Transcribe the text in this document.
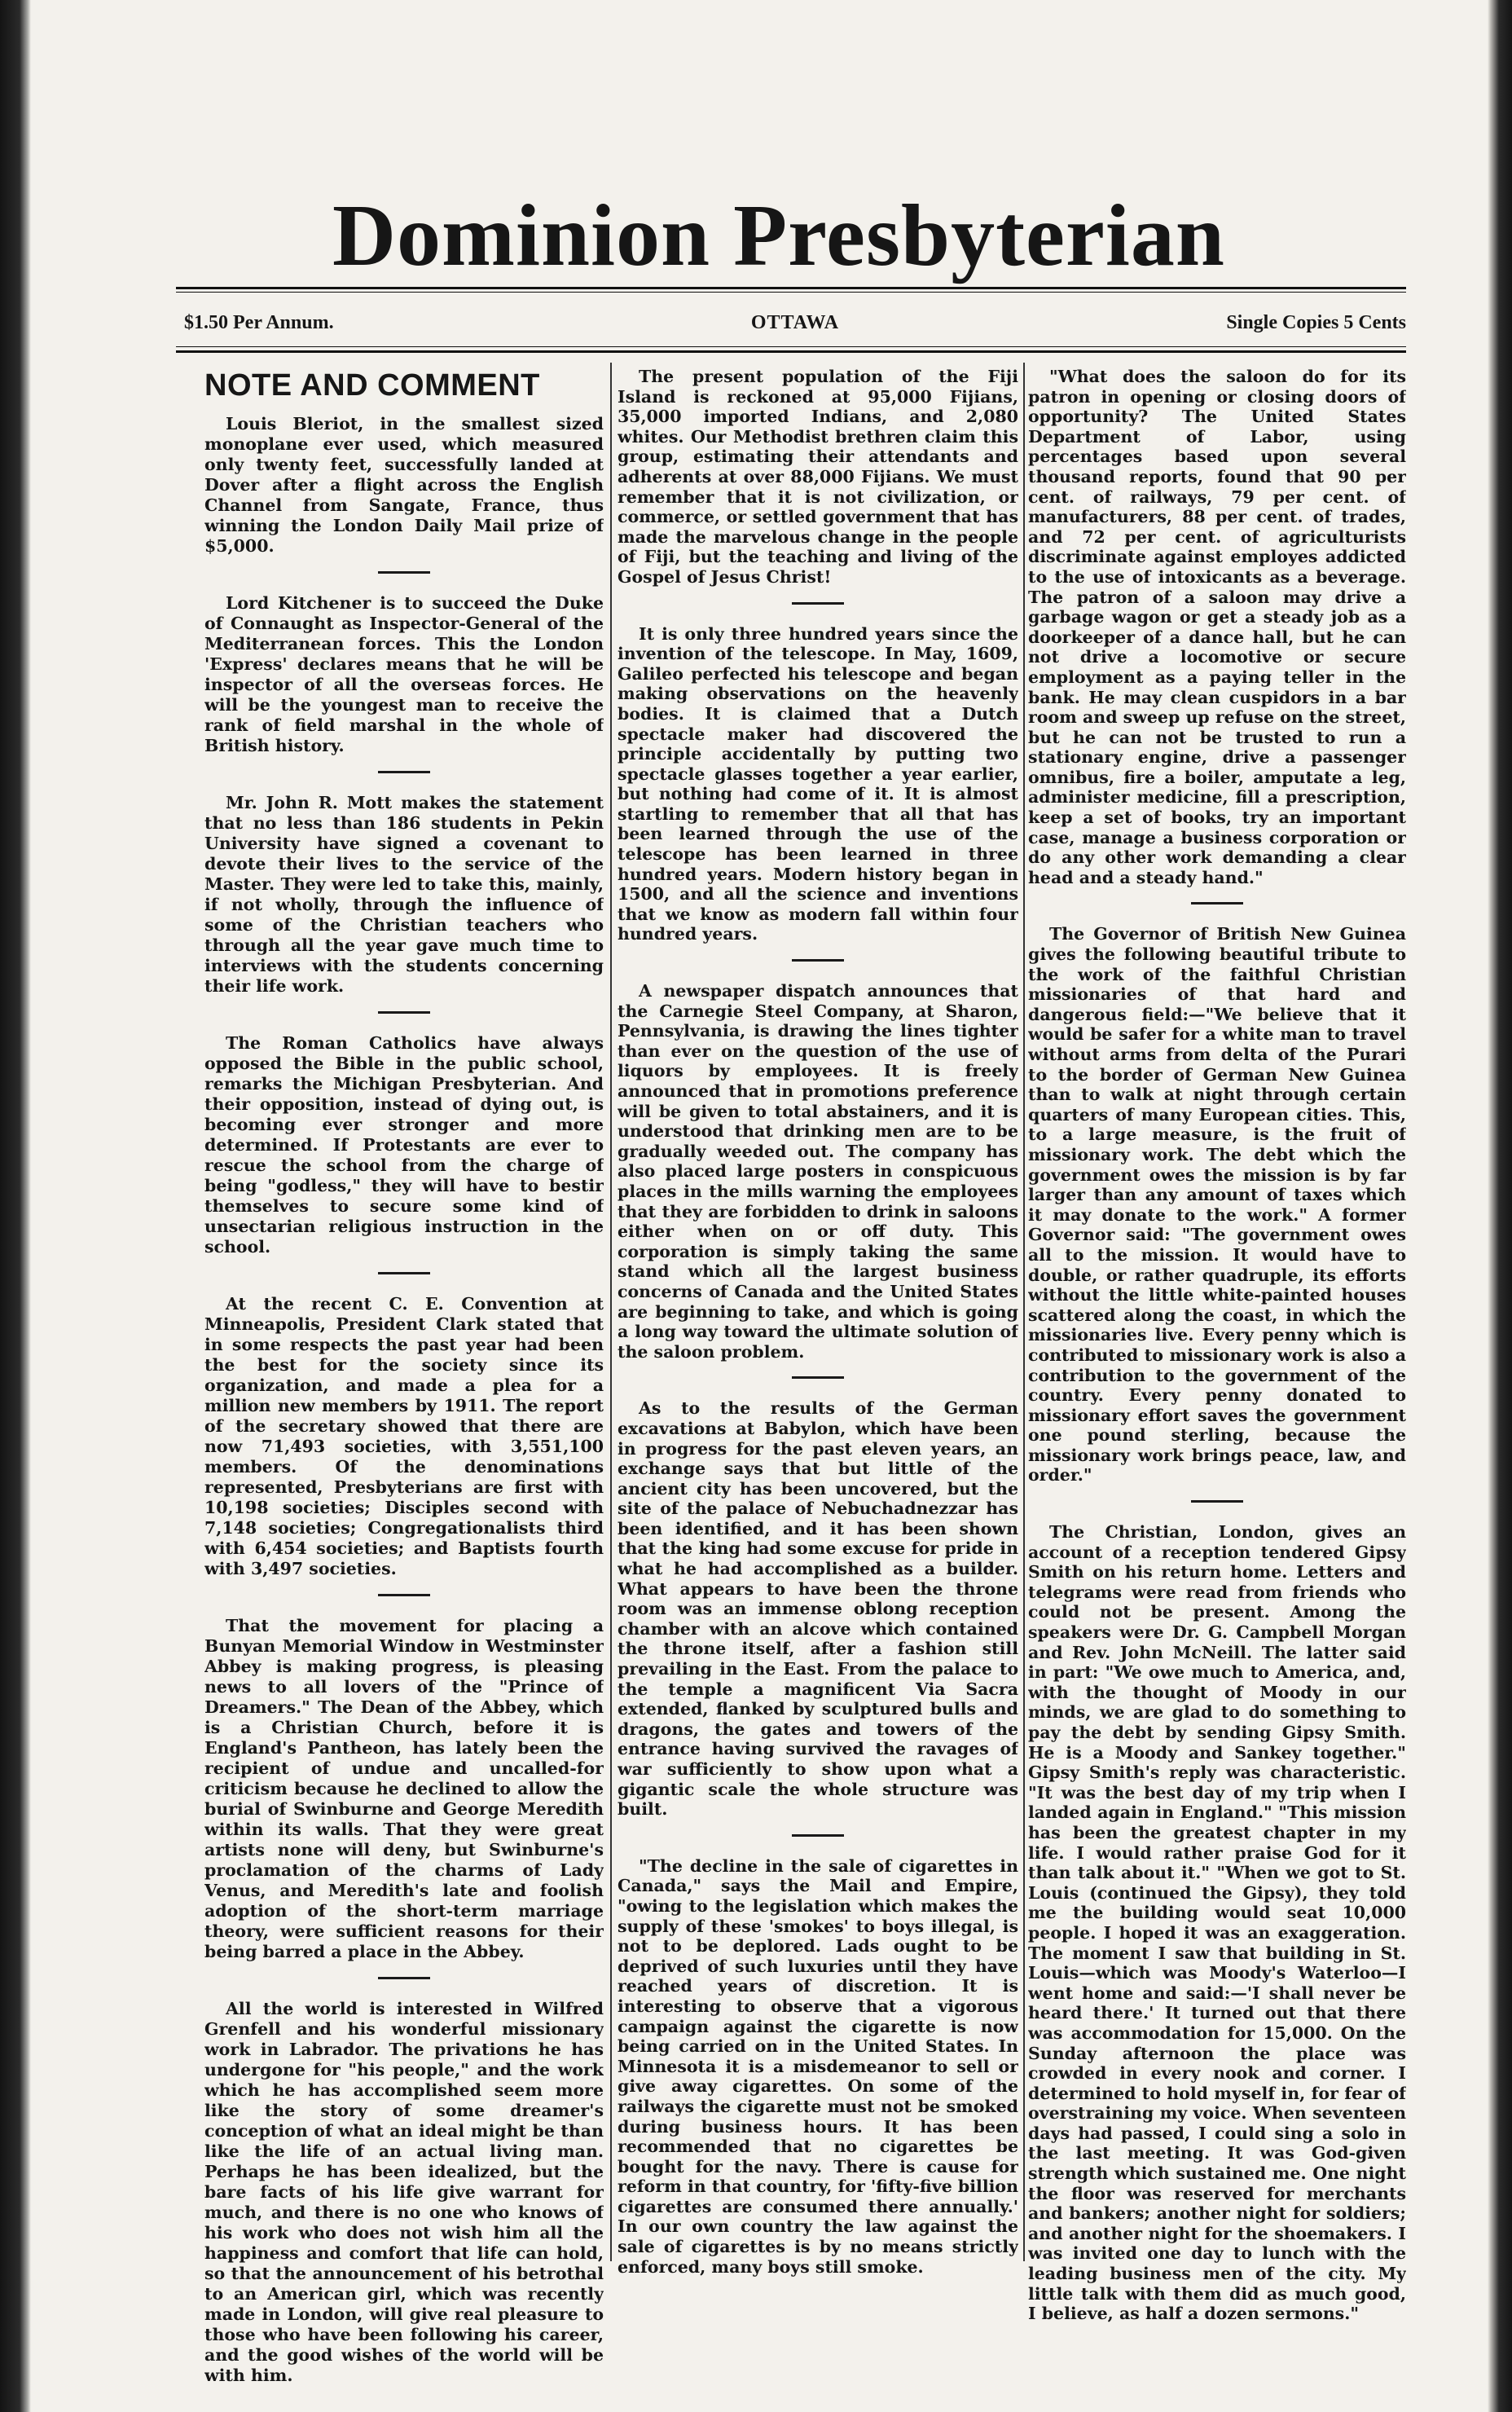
Dominion Presbyterian
$1.50 Per Annum.	OTTAWA	Single Copies 5 Cents
NOTE AND COMMENT

Louis Bleriot, in the smallest sized monoplane ever used, which measured only twenty feet, successfully landed at Dover after a flight across the English Channel from Sangate, France, thus winning the London Daily Mail prize of $5,000.

Lord Kitchener is to succeed the Duke of Connaught as Inspector-General of the Mediterranean forces. This the London 'Express' declares means that he will be inspector of all the overseas forces. He will be the youngest man to receive the rank of field marshal in the whole of British history.

Mr. John R. Mott makes the statement that no less than 186 students in Pekin University have signed a covenant to devote their lives to the service of the Master. They were led to take this, mainly, if not wholly, through the influence of some of the Christian teachers who through all the year gave much time to interviews with the students concerning their life work.

The Roman Catholics have always opposed the Bible in the public school, remarks the Michigan Presbyterian. And their opposition, instead of dying out, is becoming ever stronger and more determined. If Protestants are ever to rescue the school from the charge of being "godless," they will have to bestir themselves to secure some kind of unsectarian religious instruction in the school.

At the recent C. E. Convention at Minneapolis, President Clark stated that in some respects the past year had been the best for the society since its organization, and made a plea for a million new members by 1911. The report of the secretary showed that there are now 71,493 societies, with 3,551,100 members. Of the denominations represented, Presbyterians are first with 10,198 societies; Disciples second with 7,148 societies; Congregationalists third with 6,454 societies; and Baptists fourth with 3,497 societies.

That the movement for placing a Bunyan Memorial Window in Westminster Abbey is making progress, is pleasing news to all lovers of the "Prince of Dreamers." The Dean of the Abbey, which is a Christian Church, before it is England's Pantheon, has lately been the recipient of undue and uncalled-for criticism because he declined to allow the burial of Swinburne and George Meredith within its walls. That they were great artists none will deny, but Swinburne's proclamation of the charms of Lady Venus, and Meredith's late and foolish adoption of the short-term marriage theory, were sufficient reasons for their being barred a place in the Abbey.

All the world is interested in Wilfred Grenfell and his wonderful missionary work in Labrador. The privations he has undergone for "his people," and the work which he has accomplished seem more like the story of some dreamer's conception of what an ideal might be than like the life of an actual living man. Perhaps he has been idealized, but the bare facts of his life give warrant for much, and there is no one who knows of his work who does not wish him all the happiness and comfort that life can hold, so that the announcement of his betrothal to an American girl, which was recently made in London, will give real pleasure to those who have been following his career, and the good wishes of the world will be with him.

The present population of the Fiji Island is reckoned at 95,000 Fijians, 35,000 imported Indians, and 2,080 whites. Our Methodist brethren claim this group, estimating their attendants and adherents at over 88,000 Fijians. We must remember that it is not civilization, or commerce, or settled government that has made the marvelous change in the people of Fiji, but the teaching and living of the Gospel of Jesus Christ!

It is only three hundred years since the invention of the telescope. In May, 1609, Galileo perfected his telescope and began making observations on the heavenly bodies. It is claimed that a Dutch spectacle maker had discovered the principle accidentally by putting two spectacle glasses together a year earlier, but nothing had come of it. It is almost startling to remember that all that has been learned through the use of the telescope has been learned in three hundred years. Modern history began in 1500, and all the science and inventions that we know as modern fall within four hundred years.

A newspaper dispatch announces that the Carnegie Steel Company, at Sharon, Pennsylvania, is drawing the lines tighter than ever on the question of the use of liquors by employees. It is freely announced that in promotions preference will be given to total abstainers, and it is understood that drinking men are to be gradually weeded out. The company has also placed large posters in conspicuous places in the mills warning the employees that they are forbidden to drink in saloons either when on or off duty. This corporation is simply taking the same stand which all the largest business concerns of Canada and the United States are beginning to take, and which is going a long way toward the ultimate solution of the saloon problem.

As to the results of the German excavations at Babylon, which have been in progress for the past eleven years, an exchange says that but little of the ancient city has been uncovered, but the site of the palace of Nebuchadnezzar has been identified, and it has been shown that the king had some excuse for pride in what he had accomplished as a builder. What appears to have been the throne room was an immense oblong reception chamber with an alcove which contained the throne itself, after a fashion still prevailing in the East. From the palace to the temple a magnificent Via Sacra extended, flanked by sculptured bulls and dragons, the gates and towers of the entrance having survived the ravages of war sufficiently to show upon what a gigantic scale the whole structure was built.

"The decline in the sale of cigarettes in Canada," says the Mail and Empire, "owing to the legislation which makes the supply of these 'smokes' to boys illegal, is not to be deplored. Lads ought to be deprived of such luxuries until they have reached years of discretion. It is interesting to observe that a vigorous campaign against the cigarette is now being carried on in the United States. In Minnesota it is a misdemeanor to sell or give away cigarettes. On some of the railways the cigarette must not be smoked during business hours. It has been recommended that no cigarettes be bought for the navy. There is cause for reform in that country, for 'fifty-five billion cigarettes are consumed there annually.' In our own country the law against the sale of cigarettes is by no means strictly enforced, many boys still smoke.

"What does the saloon do for its patron in opening or closing doors of opportunity? The United States Department of Labor, using percentages based upon several thousand reports, found that 90 per cent. of railways, 79 per cent. of manufacturers, 88 per cent. of trades, and 72 per cent. of agriculturists discriminate against employes addicted to the use of intoxicants as a beverage. The patron of a saloon may drive a garbage wagon or get a steady job as a doorkeeper of a dance hall, but he can not drive a locomotive or secure employment as a paying teller in the bank. He may clean cuspidors in a bar room and sweep up refuse on the street, but he can not be trusted to run a stationary engine, drive a passenger omnibus, fire a boiler, amputate a leg, administer medicine, fill a prescription, keep a set of books, try an important case, manage a business corporation or do any other work demanding a clear head and a steady hand."

The Governor of British New Guinea gives the following beautiful tribute to the work of the faithful Christian missionaries of that hard and dangerous field:—"We believe that it would be safer for a white man to travel without arms from delta of the Purari to the border of German New Guinea than to walk at night through certain quarters of many European cities. This, to a large measure, is the fruit of missionary work. The debt which the government owes the mission is by far larger than any amount of taxes which it may donate to the work." A former Governor said: "The government owes all to the mission. It would have to double, or rather quadruple, its efforts without the little white-painted houses scattered along the coast, in which the missionaries live. Every penny which is contributed to missionary work is also a contribution to the government of the country. Every penny donated to missionary effort saves the government one pound sterling, because the missionary work brings peace, law, and order."

The Christian, London, gives an account of a reception tendered Gipsy Smith on his return home. Letters and telegrams were read from friends who could not be present. Among the speakers were Dr. G. Campbell Morgan and Rev. John McNeill. The latter said in part: "We owe much to America, and, with the thought of Moody in our minds, we are glad to do something to pay the debt by sending Gipsy Smith. He is a Moody and Sankey together." Gipsy Smith's reply was characteristic. "It was the best day of my trip when I landed again in England." "This mission has been the greatest chapter in my life. I would rather praise God for it than talk about it." "When we got to St. Louis (continued the Gipsy), they told me the building would seat 10,000 people. I hoped it was an exaggeration. The moment I saw that building in St. Louis—which was Moody's Waterloo—I went home and said:—'I shall never be heard there.' It turned out that there was accommodation for 15,000. On the Sunday afternoon the place was crowded in every nook and corner. I determined to hold myself in, for fear of overstraining my voice. When seventeen days had passed, I could sing a solo in the last meeting. It was God-given strength which sustained me. One night the floor was reserved for merchants and bankers; another night for soldiers; and another night for the shoemakers. I was invited one day to lunch with the leading business men of the city. My little talk with them did as much good, I believe, as half a dozen sermons."
